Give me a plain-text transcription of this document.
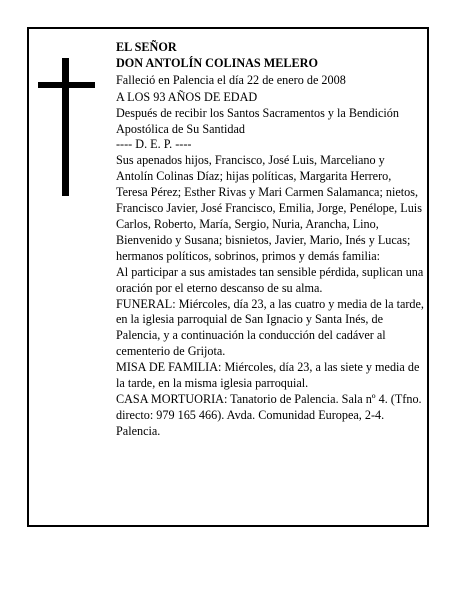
EL SEÑOR

DON ANTOLÍN COLINAS MELERO

Falleció en Palencia el día 22 de enero de 2008

A LOS 93 AÑOS DE EDAD

Después de recibir los Santos Sacramentos y la Bendición Apostólica de Su Santidad

---- D. E. P. ----

Sus apenados hijos, Francisco, José Luis, Marceliano y Antolín Colinas Díaz; hijas políticas, Margarita Herrero, Teresa Pérez; Esther Rivas y Mari Carmen Salamanca; nietos, Francisco Javier, José Francisco, Emilia, Jorge, Penélope, Luis Carlos, Roberto, María, Sergio, Nuria, Arancha, Lino, Bienvenido y Susana; bisnietos, Javier, Mario, Inés y Lucas; hermanos políticos, sobrinos, primos y demás familia:

Al participar a sus amistades tan sensible pérdida, suplican una oración por el eterno descanso de su alma.

FUNERAL: Miércoles, día 23, a las cuatro y media de la tarde, en la iglesia parroquial de San Ignacio y Santa Inés, de Palencia, y a continuación la conducción del cadáver al cementerio de Grijota.

MISA DE FAMILIA: Miércoles, día 23, a las siete y media de la tarde, en la misma iglesia parroquial.

CASA MORTUORIA: Tanatorio de Palencia. Sala nº 4. (Tfno. directo: 979 165 466). Avda. Comunidad Europea, 2-4. Palencia.
